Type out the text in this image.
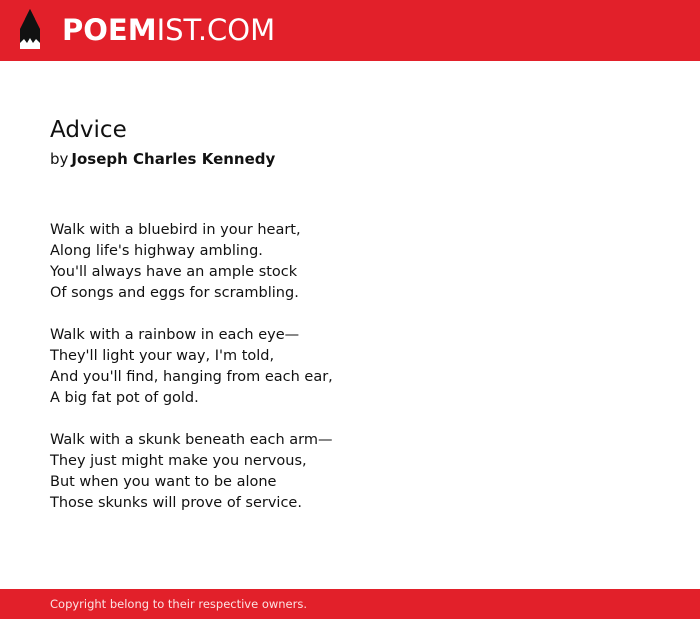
POEMIST.COM
Advice
by Joseph Charles Kennedy
Walk with a bluebird in your heart,
Along life's highway ambling.
You'll always have an ample stock
Of songs and eggs for scrambling.
Walk with a rainbow in each eye—
They'll light your way, I'm told,
And you'll find, hanging from each ear,
A big fat pot of gold.
Walk with a skunk beneath each arm—
They just might make you nervous,
But when you want to be alone
Those skunks will prove of service.
Copyright belong to their respective owners.
